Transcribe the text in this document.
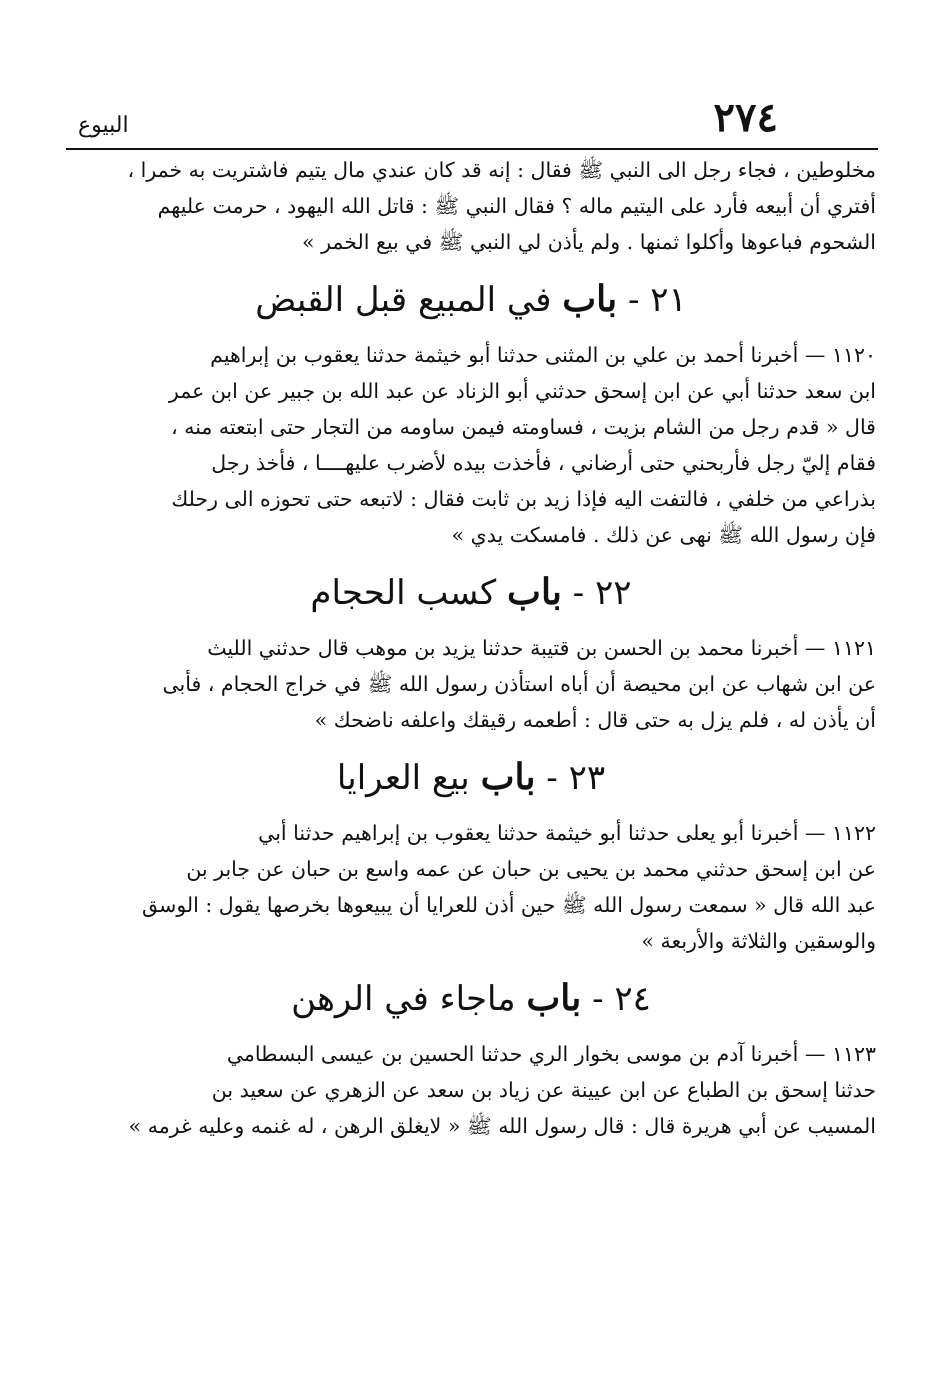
٢٧٤
البيوع

مخلوطين ، فجاء رجل الى النبي ﷺ فقال : إنه قد كان عندي مال يتيم فاشتريت به خمرا ،

أفتري أن أبيعه فأرد على اليتيم ماله ؟ فقال النبي ﷺ : قاتل الله اليهود ، حرمت عليهم

الشحوم فباعوها وأكلوا ثمنها . ولم يأذن لي النبي ﷺ في بيع الخمر »

٢١ - باب في المبيع قبل القبض

١١٢٠ — أخبرنا أحمد بن علي بن المثنى حدثنا أبو خيثمة حدثنا يعقوب بن إبراهيم

ابن سعد حدثنا أبي عن ابن إسحق حدثني أبو الزناد عن عبد الله بن جبير عن ابن عمر

قال « قدم رجل من الشام بزيت ، فساومته فيمن ساومه من التجار حتى ابتعته منه ،

فقام إليّ رجل فأربحني حتى أرضاني ، فأخذت بيده لأضرب عليهــــا ، فأخذ رجل

بذراعي من خلفي ، فالتفت اليه فإذا زيد بن ثابت فقال : لاتبعه حتى تحوزه الى رحلك

فإن رسول الله ﷺ نهى عن ذلك . فامسكت يدي »

٢٢ - باب كسب الحجام

١١٢١ — أخبرنا محمد بن الحسن بن قتيبة حدثنا يزيد بن موهب قال حدثني الليث

عن ابن شهاب عن ابن محيصة أن أباه استأذن رسول الله ﷺ في خراج الحجام ، فأبى

أن يأذن له ، فلم يزل به حتى قال : أطعمه رقيقك واعلفه ناضحك »

٢٣ - باب بيع العرايا

١١٢٢ — أخبرنا أبو يعلى حدثنا أبو خيثمة حدثنا يعقوب بن إبراهيم حدثنا أبي

عن ابن إسحق حدثني محمد بن يحيى بن حبان عن عمه واسع بن حبان عن جابر بن

عبد الله قال « سمعت رسول الله ﷺ حين أذن للعرايا أن يبيعوها بخرصها يقول : الوسق

والوسقين والثلاثة والأربعة »

٢٤ - باب ماجاء في الرهن

١١٢٣ — أخبرنا آدم بن موسى بخوار الري حدثنا الحسين بن عيسى البسطامي

حدثنا إسحق بن الطباع عن ابن عيينة عن زياد بن سعد عن الزهري عن سعيد بن

المسيب عن أبي هريرة قال : قال رسول الله ﷺ « لايغلق الرهن ، له غنمه وعليه غرمه »
